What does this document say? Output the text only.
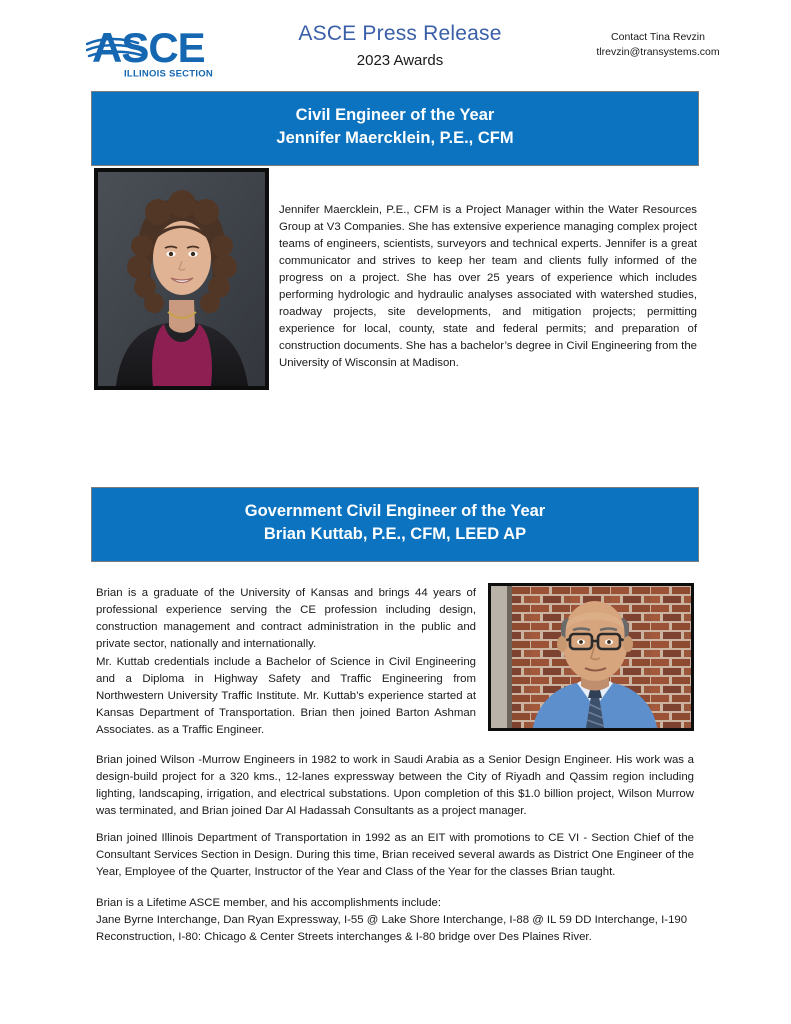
ASCE
ILLINOIS SECTION
ASCE Press Release
2023 Awards
Contact Tina Revzin
tlrevzin@transystems.com
Civil Engineer of the Year
Jennifer Maercklein, P.E., CFM
Jennifer Maercklein, P.E., CFM is a Project Manager within the Water Resources Group at V3 Companies. She has extensive experience managing complex project teams of engineers, scientists, surveyors and technical experts. Jennifer is a great communicator and strives to keep her team and clients fully informed of the progress on a project. She has over 25 years of experience which includes performing hydrologic and hydraulic analyses associated with watershed studies, roadway projects, site developments, and mitigation projects; permitting experience for local, county, state and federal permits; and preparation of construction documents. She has a bachelor’s degree in Civil Engineering from the University of Wisconsin at Madison.
Government Civil Engineer of the Year
Brian Kuttab, P.E., CFM, LEED AP
Brian is a graduate of the University of Kansas and brings 44 years of professional experience serving the CE profession including design, construction management and contract administration in the public and private sector, nationally and internationally.
Mr. Kuttab credentials include a Bachelor of Science in Civil Engineering and a Diploma in Highway Safety and Traffic Engineering from Northwestern University Traffic Institute. Mr. Kuttab’s experience started at Kansas Department of Transportation. Brian then joined Barton Ashman Associates. as a Traffic Engineer.
Brian joined Wilson -Murrow Engineers in 1982 to work in Saudi Arabia as a Senior Design Engineer. His work was a design-build project for a 320 kms., 12-lanes expressway between the City of Riyadh and Qassim region including lighting, landscaping, irrigation, and electrical substations. Upon completion of this $1.0 billion project, Wilson Murrow was terminated, and Brian joined Dar Al Hadassah Consultants as a project manager.
Brian joined Illinois Department of Transportation in 1992 as an EIT with promotions to CE VI - Section Chief of the Consultant Services Section in Design. During this time, Brian received several awards as District One Engineer of the Year, Employee of the Quarter, Instructor of the Year and Class of the Year for the classes Brian taught.
Brian is a Lifetime ASCE member, and his accomplishments include:
Jane Byrne Interchange, Dan Ryan Expressway, I-55 @ Lake Shore Interchange, I-88 @ IL 59 DD Interchange, I-190 Reconstruction, I-80: Chicago & Center Streets interchanges & I-80 bridge over Des Plaines River.
